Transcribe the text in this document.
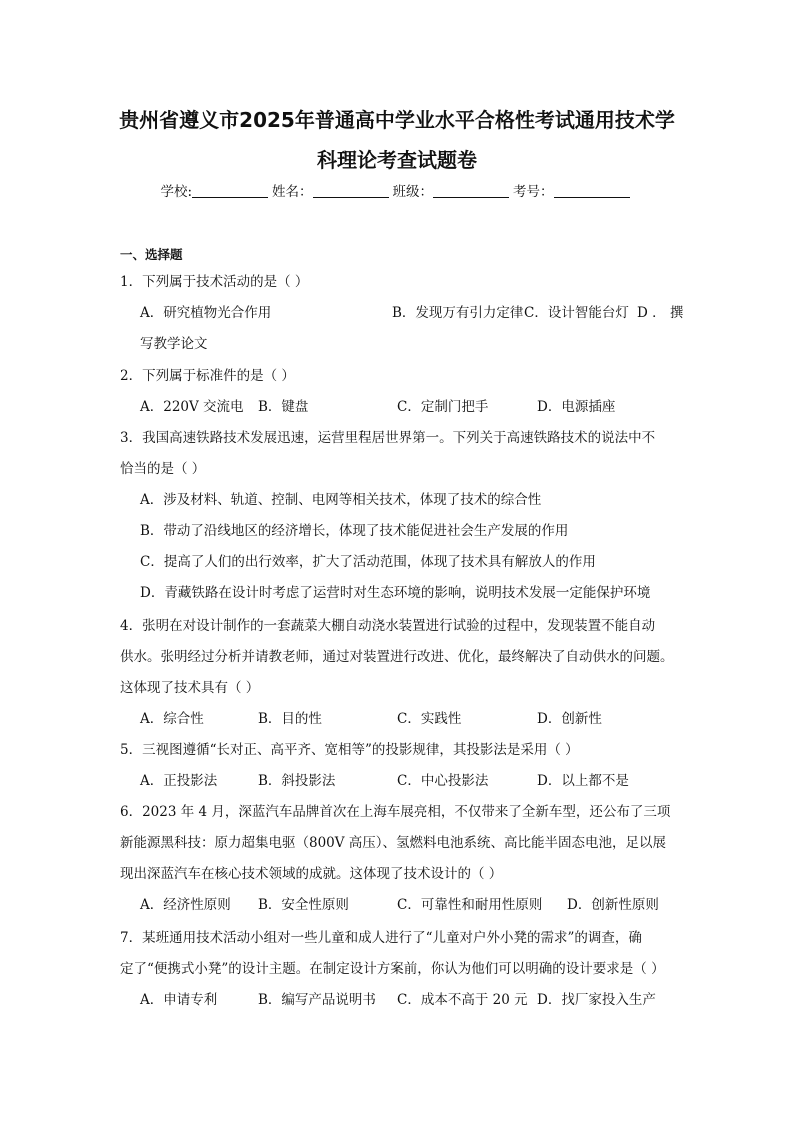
贵州省遵义市2025年普通高中学业水平合格性考试通用技术学
科理论考查试题卷
学校:	姓名：	班级：	考号：
一、选择题
1．下列属于技术活动的是（ ）
A．研究植物光合作用	B．发现万有引力定律 C．设计智能台灯 D ． 撰
写教学论文
2．下列属于标准件的是（ ）
A．220V 交流电 B．键盘	C．定制门把手	D．电源插座
3．我国高速铁路技术发展迅速，运营里程居世界第一。下列关于高速铁路技术的说法中不
恰当的是（ ）
A．涉及材料、轨道、控制、电网等相关技术，体现了技术的综合性
B．带动了沿线地区的经济增长，体现了技术能促进社会生产发展的作用
C．提高了人们的出行效率，扩大了活动范围，体现了技术具有解放人的作用
D．青藏铁路在设计时考虑了运营时对生态环境的影响，说明技术发展一定能保护环境
4．张明在对设计制作的一套蔬菜大棚自动浇水装置进行试验的过程中，发现装置不能自动
供水。张明经过分析并请教老师，通过对装置进行改进、优化，最终解决了自动供水的问题。
这体现了技术具有（ ）
A．综合性	B．目的性	C．实践性	D．创新性
5．三视图遵循“长对正、高平齐、宽相等”的投影规律，其投影法是采用（ ）
A．正投影法	B．斜投影法	C．中心投影法	D．以上都不是
6．2023 年 4 月，深蓝汽车品牌首次在上海车展亮相，不仅带来了全新车型，还公布了三项
新能源黑科技：原力超集电驱（800V 高压）、氢燃料电池系统、高比能半固态电池，足以展
现出深蓝汽车在核心技术领域的成就。这体现了技术设计的（ ）
A．经济性原则 B．安全性原则	C．可靠性和耐用性原则 D．创新性原则
7．某班通用技术活动小组对一些儿童和成人进行了“儿童对户外小凳的需求”的调查，确
定了“便携式小凳”的设计主题。在制定设计方案前，你认为他们可以明确的设计要求是（ ）
A．申请专利	B．编写产品说明书 C．成本不高于 20 元 D．找厂家投入生产
